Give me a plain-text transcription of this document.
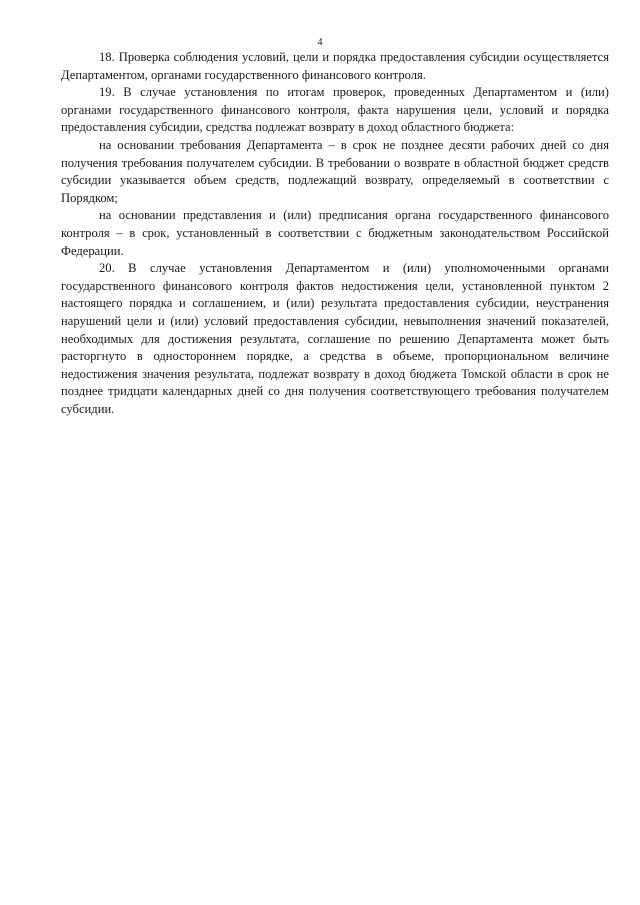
4

18. Проверка соблюдения условий, цели и порядка предоставления субсидии осуществляется Департаментом, органами государственного финансового контроля.

19. В случае установления по итогам проверок, проведенных Департаментом и (или) органами государственного финансового контроля, факта нарушения цели, условий и порядка предоставления субсидии, средства подлежат возврату в доход областного бюджета:

на основании требования Департамента – в срок не позднее десяти рабочих дней со дня получения требования получателем субсидии. В требовании о возврате в областной бюджет средств субсидии указывается объем средств, подлежащий возврату, определяемый в соответствии с Порядком;

на основании представления и (или) предписания органа государственного финансового контроля – в срок, установленный в соответствии с бюджетным законодательством Российской Федерации.

20. В случае установления Департаментом и (или) уполномоченными органами государственного финансового контроля фактов недостижения цели, установленной пунктом 2 настоящего порядка и соглашением, и (или) результата предоставления субсидии, неустранения нарушений цели и (или) условий предоставления субсидии, невыполнения значений показателей, необходимых для достижения результата, соглашение по решению Департамента может быть расторгнуто в одностороннем порядке, а средства в объеме, пропорциональном величине недостижения значения результата, подлежат возврату в доход бюджета Томской области в срок не позднее тридцати календарных дней со дня получения соответствующего требования получателем субсидии.
